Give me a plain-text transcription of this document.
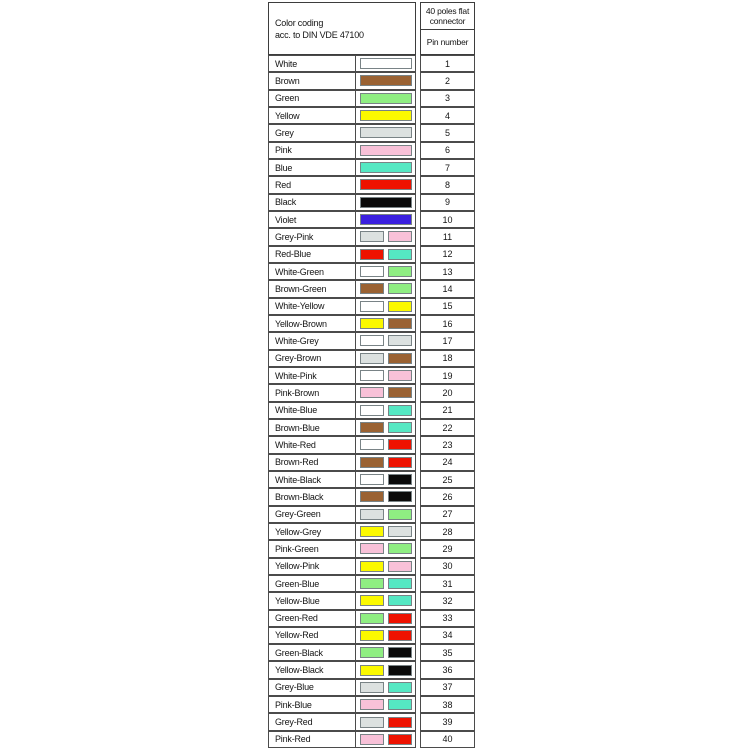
Color coding
acc. to DIN VDE 47100
40 poles flat
connector
Pin number
White	1
Brown	2
Green	3
Yellow	4
Grey	5
Pink	6
Blue	7
Red	8
Black	9
Violet	10
Grey-Pink	11
Red-Blue	12
White-Green	13
Brown-Green	14
White-Yellow	15
Yellow-Brown	16
White-Grey	17
Grey-Brown	18
White-Pink	19
Pink-Brown	20
White-Blue	21
Brown-Blue	22
White-Red	23
Brown-Red	24
White-Black	25
Brown-Black	26
Grey-Green	27
Yellow-Grey	28
Pink-Green	29
Yellow-Pink	30
Green-Blue	31
Yellow-Blue	32
Green-Red	33
Yellow-Red	34
Green-Black	35
Yellow-Black	36
Grey-Blue	37
Pink-Blue	38
Grey-Red	39
Pink-Red	40
